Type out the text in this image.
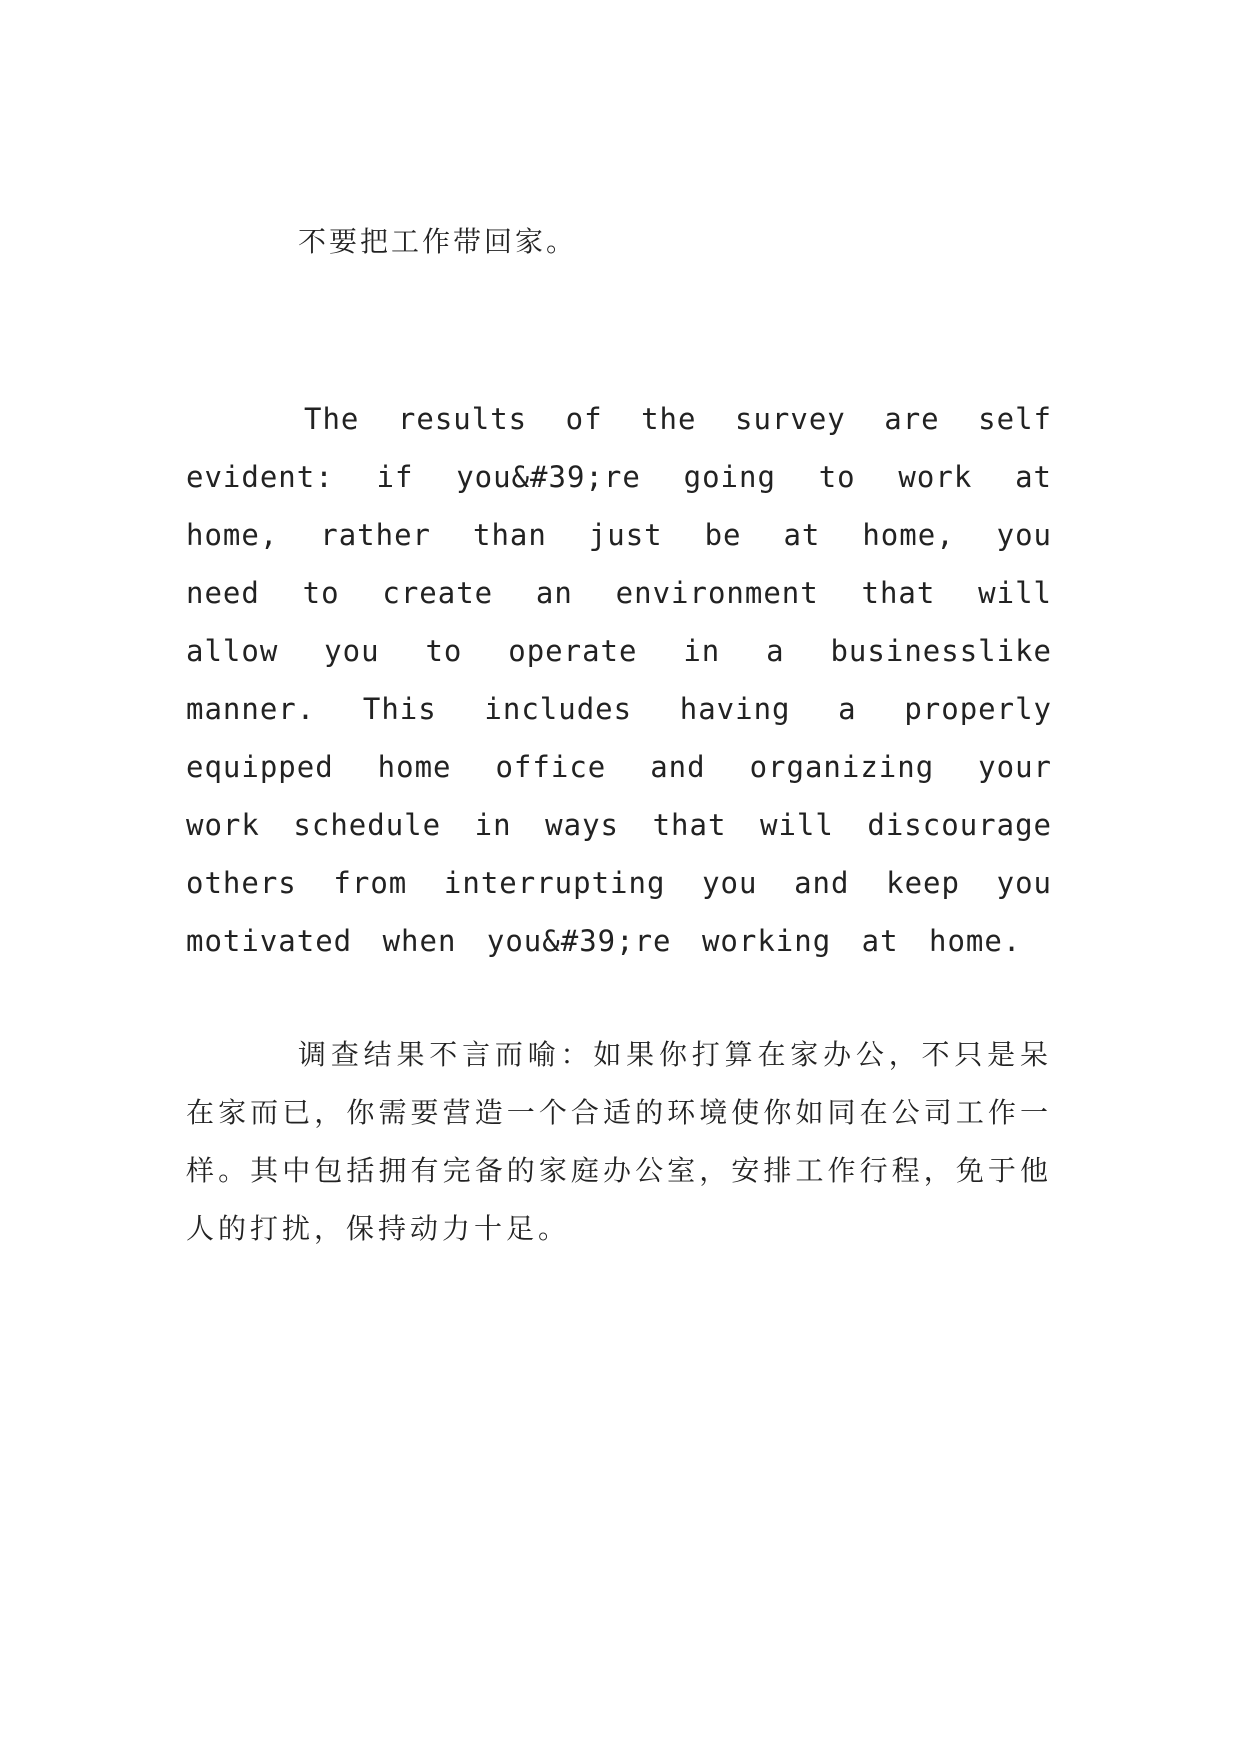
不要把工作带回家。

The results of the survey are self evident: if you&#39;re going to work at home, rather than just be at home, you need to create an environment that will allow you to operate in a businesslike manner. This includes having a properly equipped home office and organizing your work schedule in ways that will discourage others from interrupting you and keep you motivated when you&#39;re working at home.

调查结果不言而喻：如果你打算在家办公，不只是呆在家而已，你需要营造一个合适的环境使你如同在公司工作一样。其中包括拥有完备的家庭办公室，安排工作行程，免于他人的打扰，保持动力十足。
